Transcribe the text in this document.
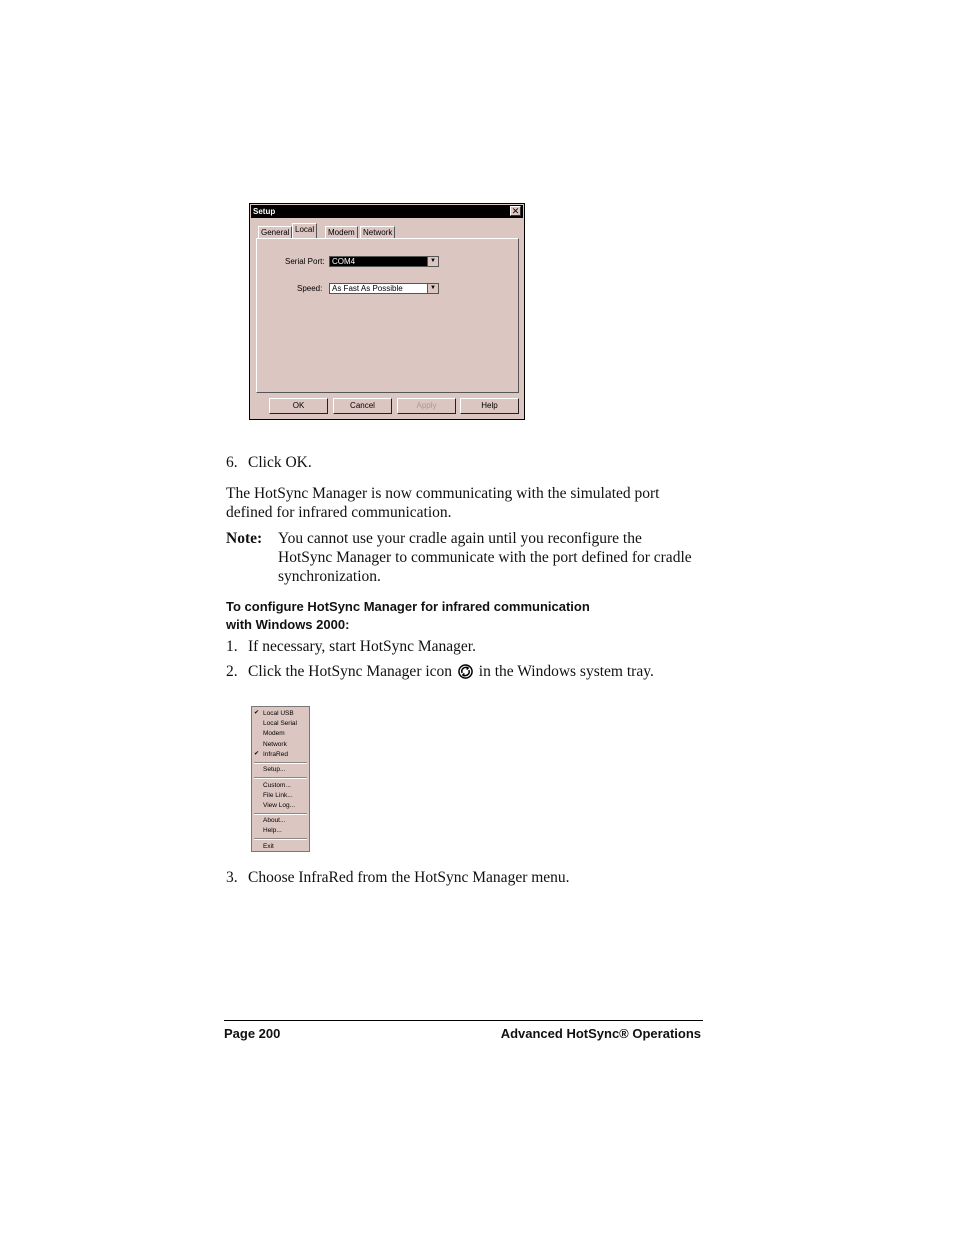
Setup	✕
General Local	Modem	Network
Serial Port: COM4	▼
Speed:	As Fast As Possible	▼
OK	Cancel	Apply	Help
6. Click OK.
The HotSync Manager is now communicating with the simulated port defined for infrared communication.
Note: You cannot use your cradle again until you reconfigure the HotSync Manager to communicate with the port defined for cradle synchronization.
To configure HotSync Manager for infrared communication
with Windows 2000:
1. If necessary, start HotSync Manager.
2. Click the HotSync Manager icon in the Windows system tray.
✔ Local USB
Local Serial
Modem
Network
✔ InfraRed
Setup...
Custom...
File Link...
View Log...
About...
Help...
Exit
3. Choose InfraRed from the HotSync Manager menu.
Page 200	Advanced HotSync® Operations
